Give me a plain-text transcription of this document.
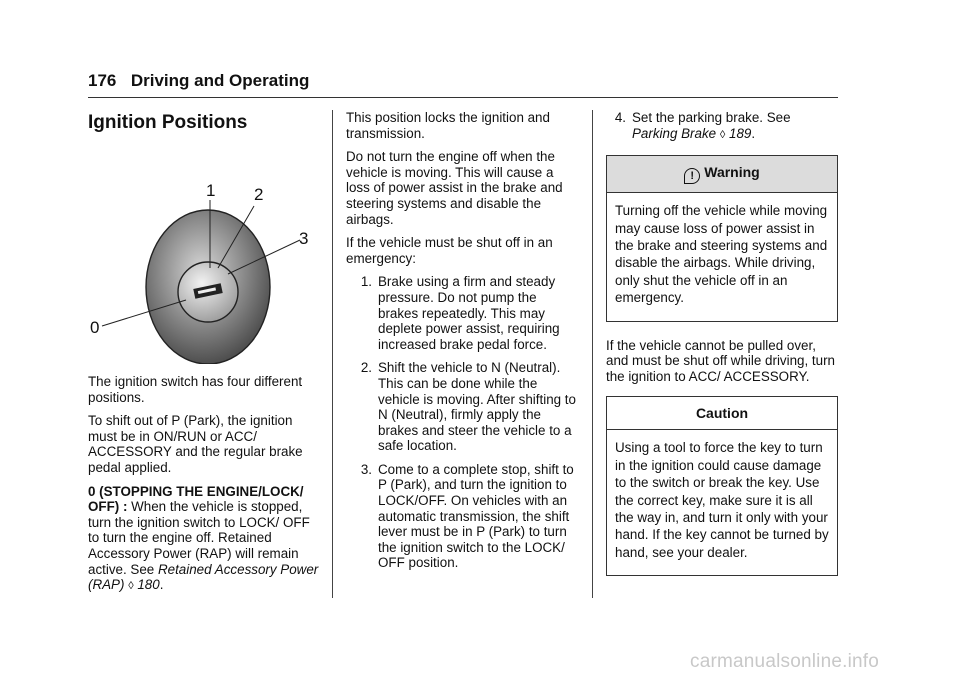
176 Driving and Operating
Ignition Positions
1 2
3
0

The ignition switch has four different positions.

To shift out of P (Park), the ignition must be in ON/RUN or ACC/ ACCESSORY and the regular brake pedal applied.

0 (STOPPING THE ENGINE/LOCK/ OFF) : When the vehicle is stopped, turn the ignition switch to LOCK/ OFF to turn the engine off. Retained Accessory Power (RAP) will remain active. See Retained Accessory Power (RAP) ◊ 180.

This position locks the ignition and transmission.

Do not turn the engine off when the vehicle is moving. This will cause a loss of power assist in the brake and steering systems and disable the airbags.

If the vehicle must be shut off in an emergency:

1. Brake using a firm and steady pressure. Do not pump the brakes repeatedly. This may deplete power assist, requiring increased brake pedal force.
2. Shift the vehicle to N (Neutral). This can be done while the vehicle is moving. After shifting to N (Neutral), firmly apply the brakes and steer the vehicle to a safe location.
3. Come to a complete stop, shift to P (Park), and turn the ignition to LOCK/OFF. On vehicles with an automatic transmission, the shift lever must be in P (Park) to turn the ignition switch to the LOCK/ OFF position.
4. Set the parking brake. See
Parking Brake ◊ 189.
! Warning

Turning off the vehicle while moving may cause loss of power assist in the brake and steering systems and disable the airbags. While driving, only shut the vehicle off in an emergency.

If the vehicle cannot be pulled over, and must be shut off while driving, turn the ignition to ACC/ ACCESSORY.

Caution

Using a tool to force the key to turn in the ignition could cause damage to the switch or break the key. Use the correct key, make sure it is all the way in, and turn it only with your hand. If the key cannot be turned by hand, see your dealer.

carmanualsonline.info
